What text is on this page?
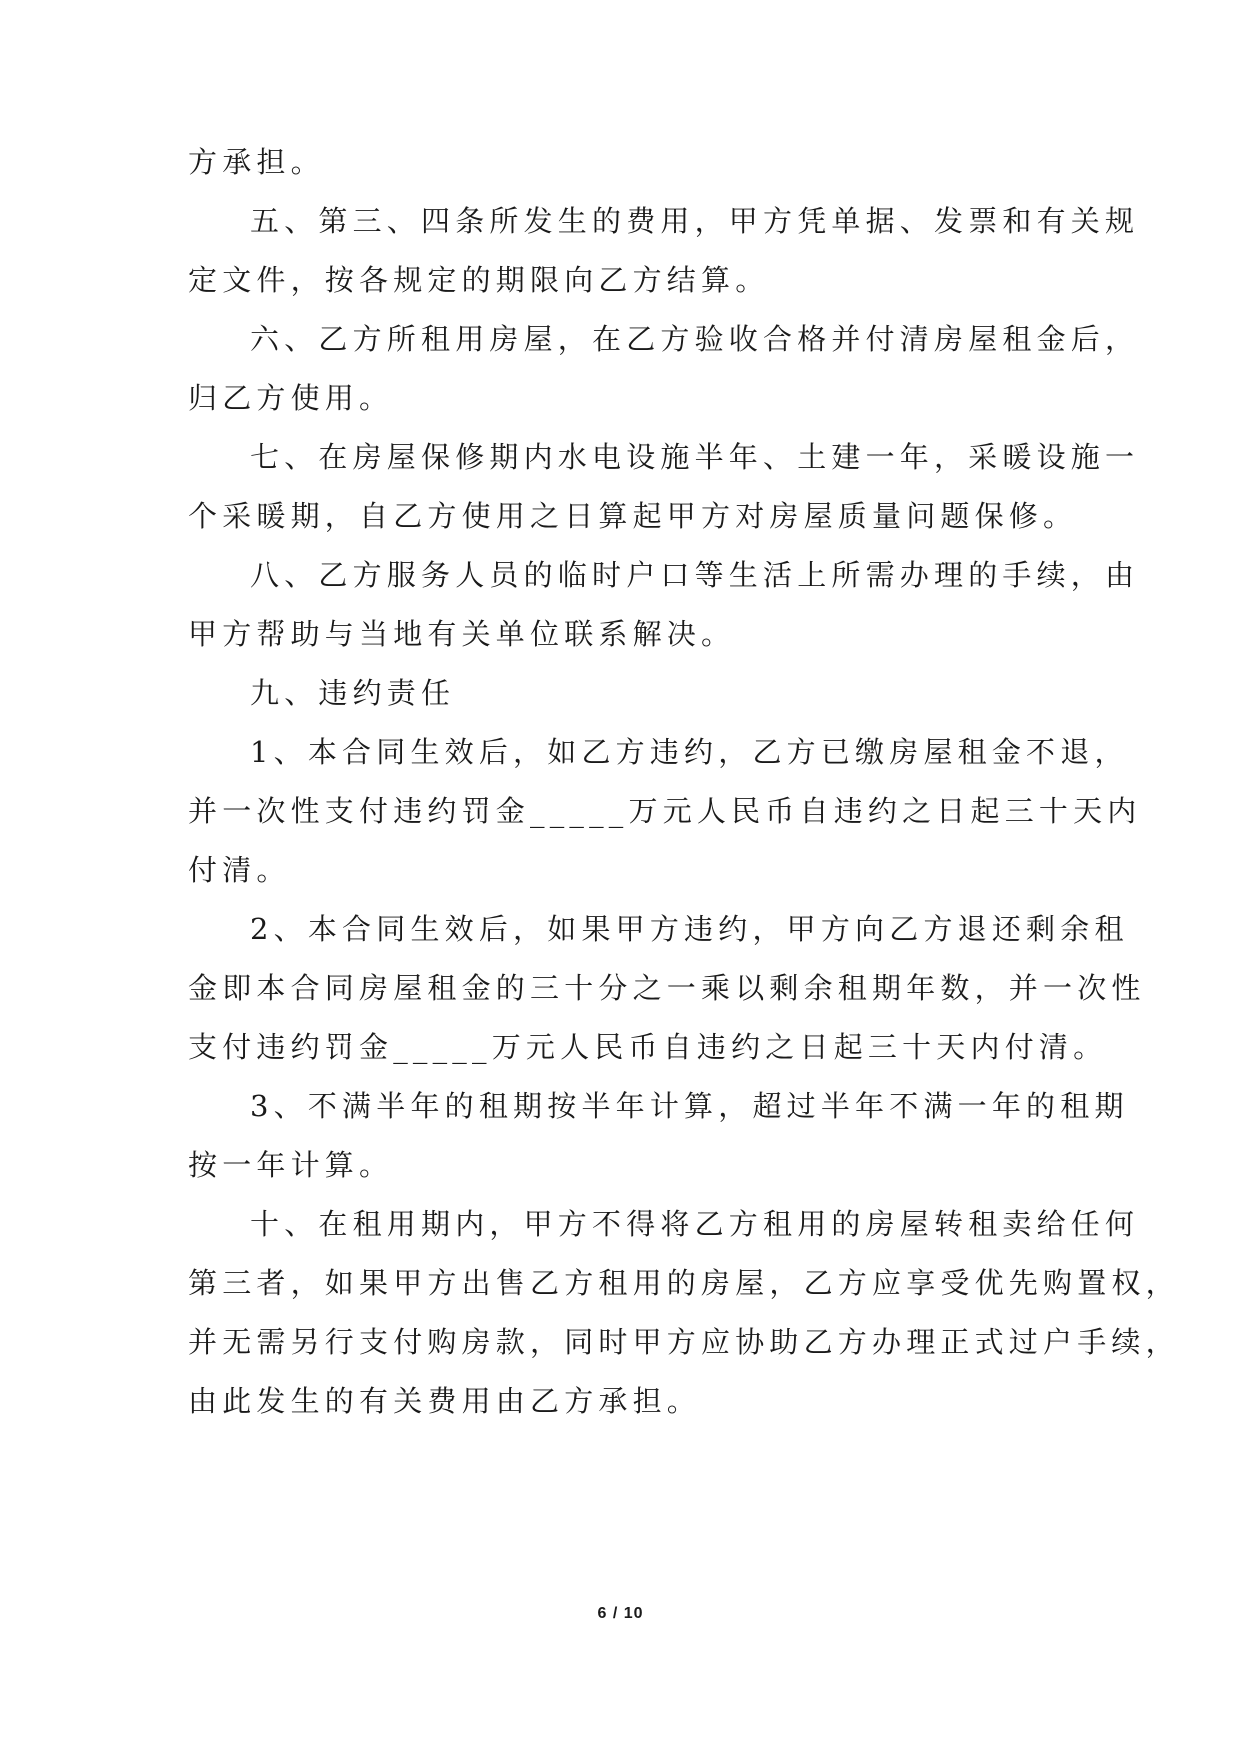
方承担。
五、第三、四条所发生的费用，甲方凭单据、发票和有关规
定文件，按各规定的期限向乙方结算。
六、乙方所租用房屋，在乙方验收合格并付清房屋租金后，
归乙方使用。
七、在房屋保修期内水电设施半年、土建一年，采暖设施一
个采暖期，自乙方使用之日算起甲方对房屋质量问题保修。
八、乙方服务人员的临时户口等生活上所需办理的手续，由
甲方帮助与当地有关单位联系解决。
九、违约责任
1、本合同生效后，如乙方违约，乙方已缴房屋租金不退，
并一次性支付违约罚金_____万元人民币自违约之日起三十天内
付清。
2、本合同生效后，如果甲方违约，甲方向乙方退还剩余租
金即本合同房屋租金的三十分之一乘以剩余租期年数，并一次性
支付违约罚金_____万元人民币自违约之日起三十天内付清。
3、不满半年的租期按半年计算，超过半年不满一年的租期
按一年计算。
十、在租用期内，甲方不得将乙方租用的房屋转租卖给任何
第三者，如果甲方出售乙方租用的房屋，乙方应享受优先购置权，
并无需另行支付购房款，同时甲方应协助乙方办理正式过户手续，
由此发生的有关费用由乙方承担。
6 / 10
